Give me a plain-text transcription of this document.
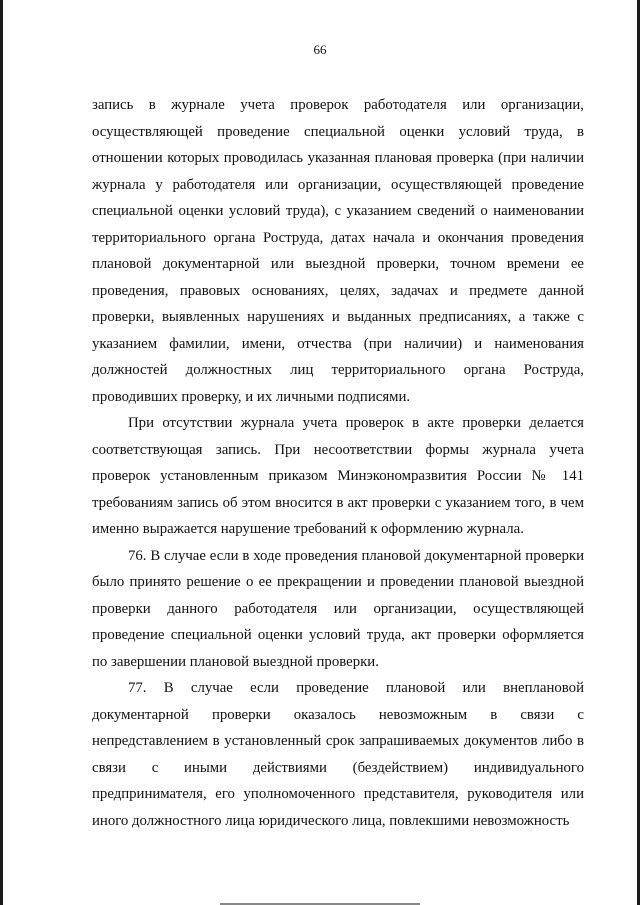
66

запись в журнале учета проверок работодателя или организации, осуществляющей проведение специальной оценки условий труда, в отношении которых проводилась указанная плановая проверка (при наличии журнала у работодателя или организации, осуществляющей проведение специальной оценки условий труда), с указанием сведений о наименовании территориального органа Роструда, датах начала и окончания проведения плановой документарной или выездной проверки, точном времени ее проведения, правовых основаниях, целях, задачах и предмете данной проверки, выявленных нарушениях и выданных предписаниях, а также с указанием фамилии, имени, отчества (при наличии) и наименования должностей должностных лиц территориального органа Роструда, проводивших проверку, и их личными подписями.

При отсутствии журнала учета проверок в акте проверки делается соответствующая запись. При несоответствии формы журнала учета проверок установленным приказом Минэкономразвития России № 141 требованиям запись об этом вносится в акт проверки с указанием того, в чем именно выражается нарушение требований к оформлению журнала.

76. В случае если в ходе проведения плановой документарной проверки было принято решение о ее прекращении и проведении плановой выездной проверки данного работодателя или организации, осуществляющей проведение специальной оценки условий труда, акт проверки оформляется по завершении плановой выездной проверки.

77. В случае если проведение плановой или внеплановой документарной проверки оказалось невозможным в связи с непредставлением в установленный срок запрашиваемых документов либо в связи с иными действиями (бездействием) индивидуального предпринимателя, его уполномоченного представителя, руководителя или иного должностного лица юридического лица, повлекшими невозможность
